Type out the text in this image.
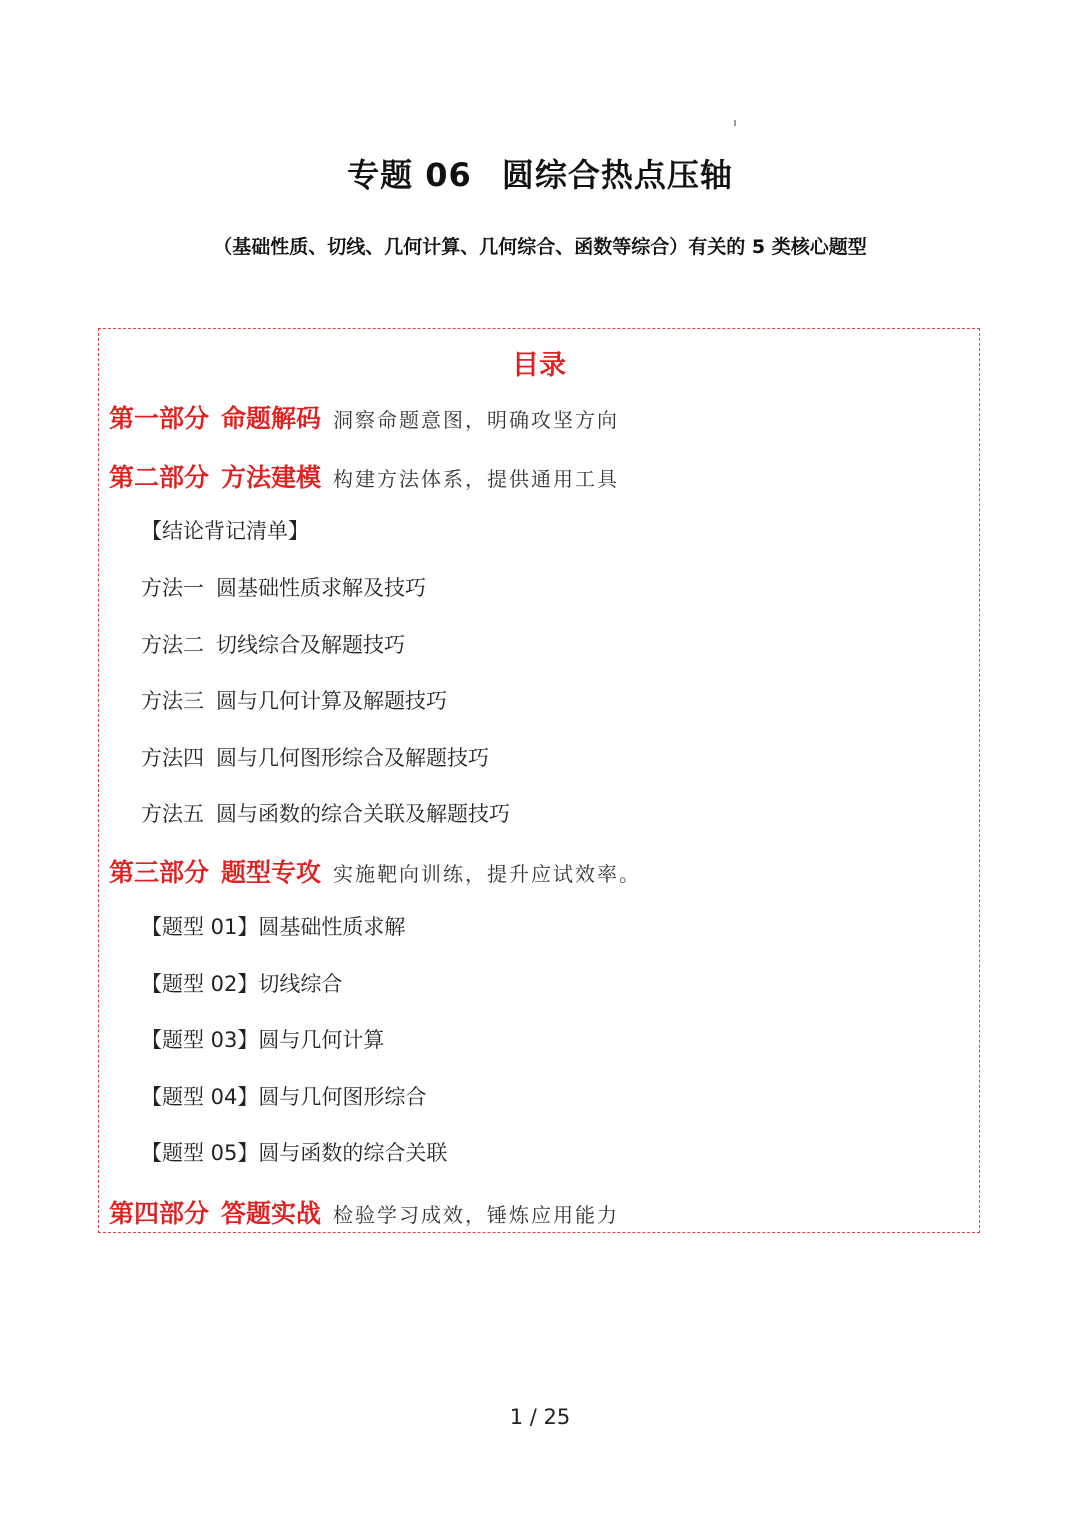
专题 06 圆综合热点压轴
（基础性质、切线、几何计算、几何综合、函数等综合）有关的 5 类核心题型
目录
第一部分 命题解码 洞察命题意图，明确攻坚方向
第二部分 方法建模 构建方法体系，提供通用工具
【结论背记清单】
方法一 圆基础性质求解及技巧
方法二 切线综合及解题技巧
方法三 圆与几何计算及解题技巧
方法四 圆与几何图形综合及解题技巧
方法五 圆与函数的综合关联及解题技巧
第三部分 题型专攻 实施靶向训练，提升应试效率。
【题型 01】圆基础性质求解
【题型 02】切线综合
【题型 03】圆与几何计算
【题型 04】圆与几何图形综合
【题型 05】圆与函数的综合关联
第四部分 答题实战 检验学习成效，锤炼应用能力
1 / 25
